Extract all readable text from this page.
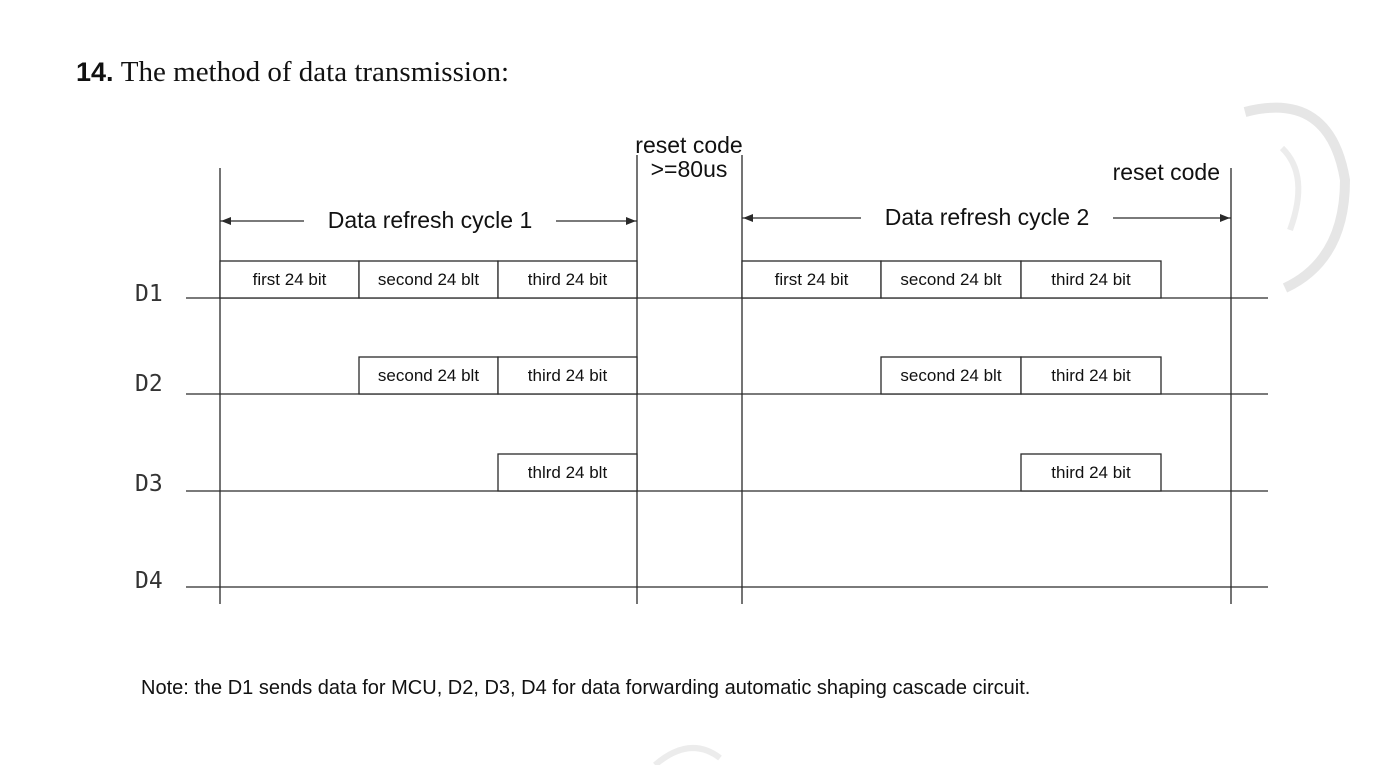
14. The method of data transmission:
reset code
>=80us	reset code
Data refresh cycle 1	Data refresh cycle 2
D1
first 24 bit	second 24 blt	third 24 bit	first 24 bit	second 24 blt	third 24 bit
D2	second 24 blt	third 24 bit	second 24 blt	third 24 bit
D3	thlrd 24 blt	third 24 bit
D4
Note: the D1 sends data for MCU, D2, D3, D4 for data forwarding automatic shaping cascade circuit.
